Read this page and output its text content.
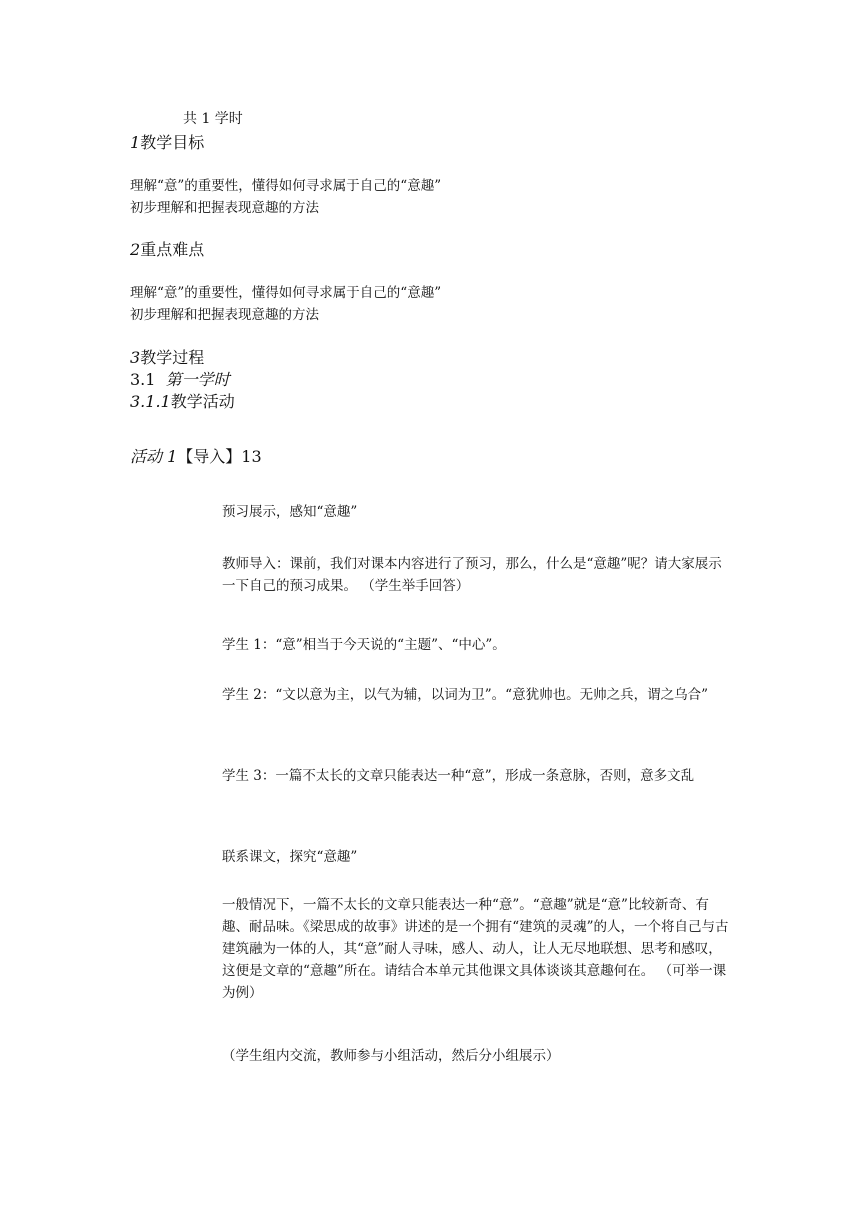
共 1 学时
1教学目标
理解“意”的重要性，懂得如何寻求属于自己的“意趣”
初步理解和把握表现意趣的方法
2重点难点
理解“意”的重要性，懂得如何寻求属于自己的“意趣”
初步理解和把握表现意趣的方法
3教学过程
3.1 第一学时
3.1.1教学活动
活动 1【导入】13
预习展示，感知“意趣”
教师导入：课前，我们对课本内容进行了预习，那么，什么是“意趣”呢？请大家展示一下自己的预习成果。 （学生举手回答）
学生 1：“意”相当于今天说的“主题”、“中心”。
学生 2：“文以意为主，以气为辅，以词为卫”。“意犹帅也。无帅之兵，谓之乌合”
学生 3：一篇不太长的文章只能表达一种“意”，形成一条意脉，否则，意多文乱
联系课文，探究“意趣”
一般情况下，一篇不太长的文章只能表达一种“意”。“意趣”就是“意”比较新奇、有趣、耐品味。《梁思成的故事》讲述的是一个拥有“建筑的灵魂”的人，一个将自己与古建筑融为一体的人，其“意”耐人寻味，感人、动人，让人无尽地联想、思考和感叹，这便是文章的“意趣”所在。请结合本单元其他课文具体谈谈其意趣何在。 （可举一课为例）
（学生组内交流，教师参与小组活动，然后分小组展示）
